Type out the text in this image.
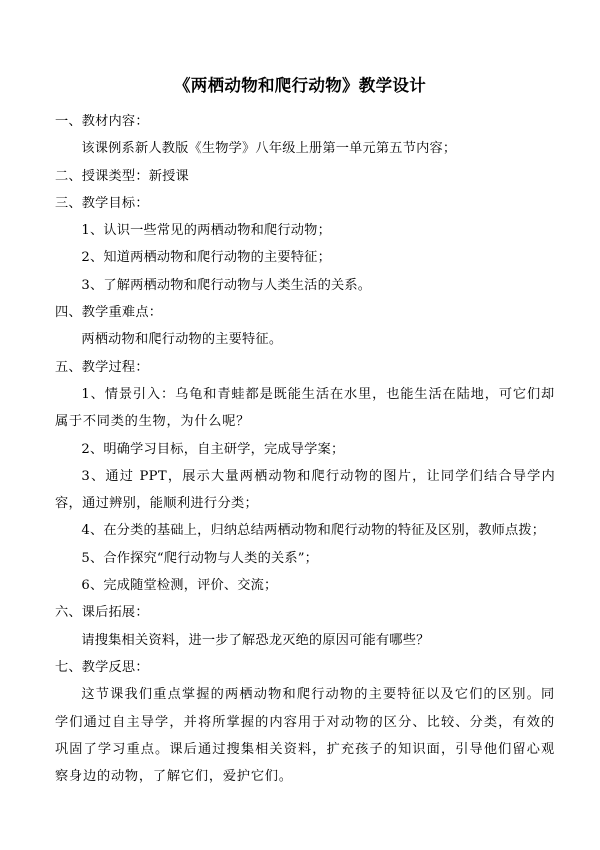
《两栖动物和爬行动物》教学设计
一、教材内容：
该课例系新人教版《生物学》八年级上册第一单元第五节内容；
二、授课类型：新授课
三、教学目标：
1、认识一些常见的两栖动物和爬行动物；
2、知道两栖动物和爬行动物的主要特征；
3、了解两栖动物和爬行动物与人类生活的关系。
四、教学重难点：
两栖动物和爬行动物的主要特征。
五、教学过程：
1、情景引入：乌龟和青蛙都是既能生活在水里，也能生活在陆地，可它们却属于不同类的生物，为什么呢？
2、明确学习目标，自主研学，完成导学案；
3、通过 PPT，展示大量两栖动物和爬行动物的图片，让同学们结合导学内容，通过辨别，能顺利进行分类；
4、在分类的基础上，归纳总结两栖动物和爬行动物的特征及区别，教师点拨；
5、合作探究“爬行动物与人类的关系”；
6、完成随堂检测，评价、交流；
六、课后拓展：
请搜集相关资料，进一步了解恐龙灭绝的原因可能有哪些？
七、教学反思：
这节课我们重点掌握的两栖动物和爬行动物的主要特征以及它们的区别。同学们通过自主导学，并将所掌握的内容用于对动物的区分、比较、分类，有效的巩固了学习重点。课后通过搜集相关资料，扩充孩子的知识面，引导他们留心观察身边的动物，了解它们，爱护它们。
